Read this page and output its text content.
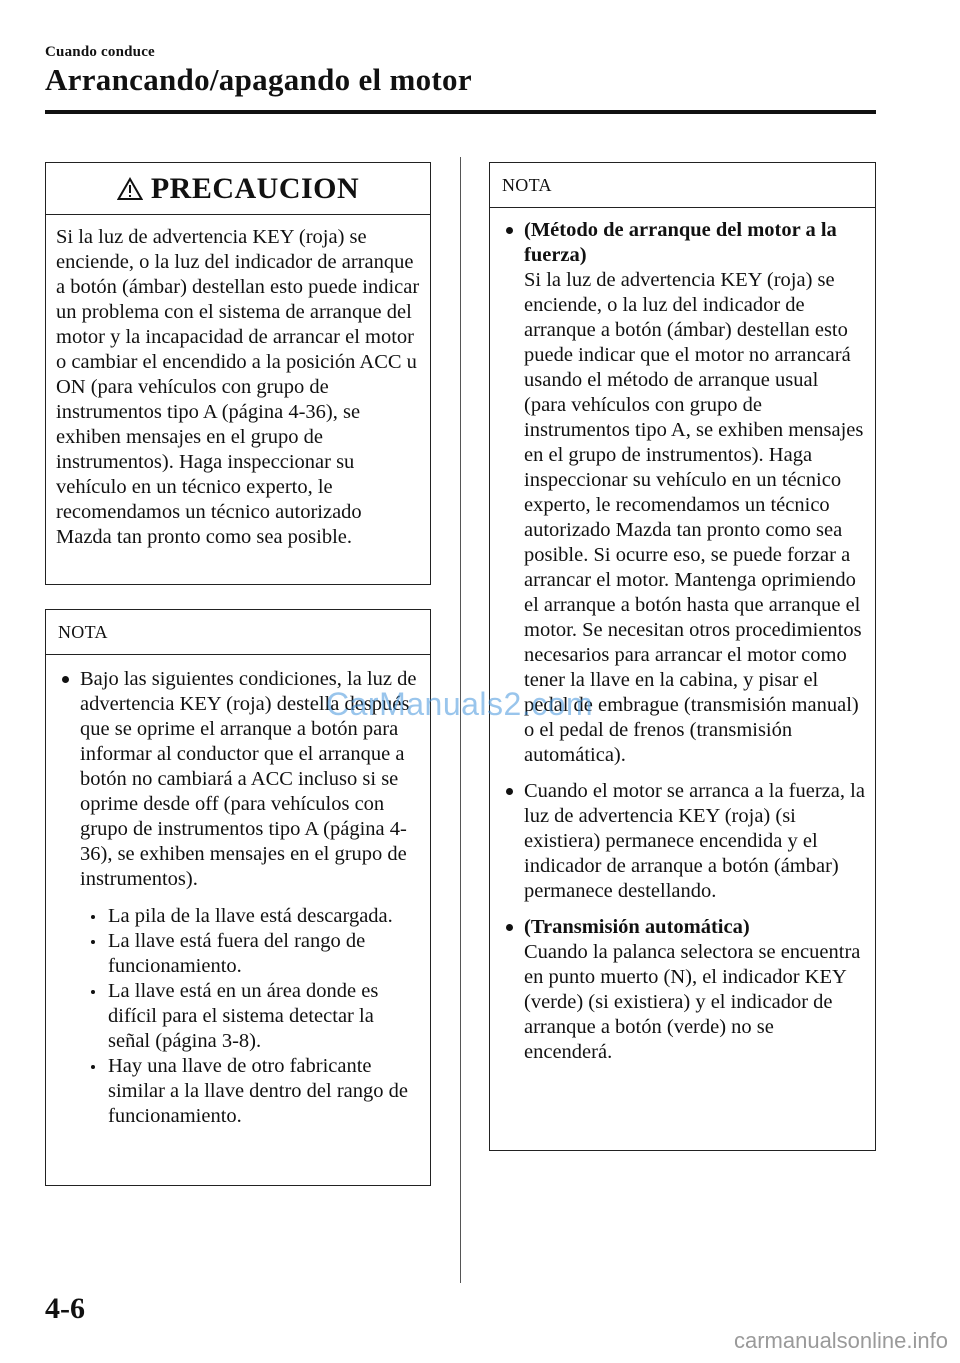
Cuando conduce
Arrancando/apagando el motor
PRECAUCION
Si la luz de advertencia KEY (roja) se enciende, o la luz del indicador de arranque a botón (ámbar) destellan esto puede indicar un problema con el sistema de arranque del motor y la incapacidad de arrancar el motor o cambiar el encendido a la posición ACC u ON (para vehículos con grupo de instrumentos tipo A (página 4-36), se exhiben mensajes en el grupo de instrumentos). Haga inspeccionar su vehículo en un técnico experto, le recomendamos un técnico autorizado Mazda tan pronto como sea posible.
NOTA
Bajo las siguientes condiciones, la luz de advertencia KEY (roja) destella después que se oprime el arranque a botón para informar al conductor que el arranque a botón no cambiará a ACC incluso si se oprime desde off (para vehículos con grupo de instrumentos tipo A (página 4-36), se exhiben mensajes en el grupo de instrumentos).
La pila de la llave está descargada.
La llave está fuera del rango de funcionamiento.
La llave está en un área donde es difícil para el sistema detectar la señal (página 3-8).
Hay una llave de otro fabricante similar a la llave dentro del rango de funcionamiento.
NOTA
(Método de arranque del motor a la fuerza)
Si la luz de advertencia KEY (roja) se enciende, o la luz del indicador de arranque a botón (ámbar) destellan esto puede indicar que el motor no arrancará usando el método de arranque usual (para vehículos con grupo de instrumentos tipo A, se exhiben mensajes en el grupo de instrumentos). Haga inspeccionar su vehículo en un técnico experto, le recomendamos un técnico autorizado Mazda tan pronto como sea posible. Si ocurre eso, se puede forzar a arrancar el motor. Mantenga oprimiendo el arranque a botón hasta que arranque el motor. Se necesitan otros procedimientos necesarios para arrancar el motor como tener la llave en la cabina, y pisar el pedal de embrague (transmisión manual) o el pedal de frenos (transmisión automática).
Cuando el motor se arranca a la fuerza, la luz de advertencia KEY (roja) (si existiera) permanece encendida y el indicador de arranque a botón (ámbar) permanece destellando.
(Transmisión automática)
Cuando la palanca selectora se encuentra en punto muerto (N), el indicador KEY (verde) (si existiera) y el indicador de arranque a botón (verde) no se encenderá.
4-6
CarManuals2.com
carmanualsonline.info
